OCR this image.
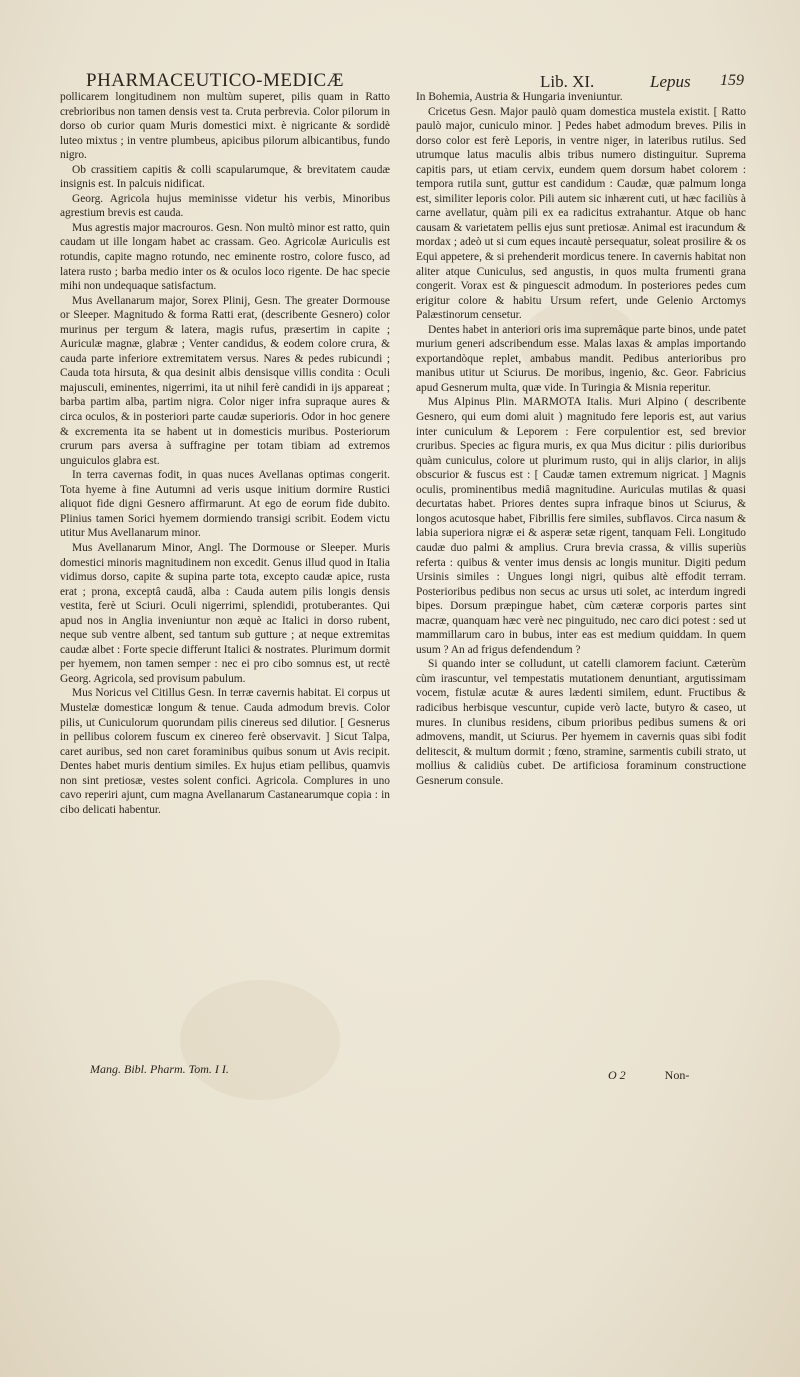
PHARMACEUTICO-MEDICÆ	Lib. XI.	Lepus 159

pollicarem longitudinem non multùm superet, pilis quam in Ratto crebrioribus non tamen densis vest ta. Cruta perbrevia. Color pilorum in dorso ob curior quam Muris domestici mixt. è nigricante & sordidè luteo mixtus ; in ventre plumbeus, apicibus pilorum albicantibus, fundo nigro.

Ob crassitiem capitis & colli scapularumque, & brevitatem caudæ insignis est. In palcuis nidificat.

Georg. Agricola hujus meminisse videtur his verbis, Minoribus agrestium brevis est cauda.

Mus agrestis major macrouros. Gesn. Non multò minor est ratto, quin caudam ut ille longam habet ac crassam. Geo. Agricolæ Auriculis est rotundis, capite magno rotundo, nec eminente rostro, colore fusco, ad latera rusto ; barba medio inter os & oculos loco rigente. De hac specie mihi non undequaque satisfactum.

Mus Avellanarum major, Sorex Plinij, Gesn. The greater Dormouse or Sleeper. Magnitudo & forma Ratti erat, (describente Gesnero) color murinus per tergum & latera, magis rufus, præsertim in capite ; Auriculæ magnæ, glabræ ; Venter candidus, & eodem colore crura, & cauda parte inferiore extremitatem versus. Nares & pedes rubicundi ; Cauda tota hirsuta, & qua desinit albis densisque villis condita : Oculi majusculi, eminentes, nigerrimi, ita ut nihil ferè candidi in ijs appareat ; barba partim alba, partim nigra. Color niger infra supraque aures & circa oculos, & in posteriori parte caudæ superioris. Odor in hoc genere & excrementa ita se habent ut in domesticis muribus. Posteriorum crurum pars aversa à suffragine per totam tibiam ad extremos unguiculos glabra est.

In terra cavernas fodit, in quas nuces Avellanas optimas congerit. Tota hyeme à fine Autumni ad veris usque initium dormire Rustici aliquot fide digni Gesnero affirmarunt. At ego de eorum fide dubito. Plinius tamen Sorici hyemem dormiendo transigi scribit. Eodem victu utitur Mus Avellanarum minor.

Mus Avellanarum Minor, Angl. The Dormouse or Sleeper. Muris domestici minoris magnitudinem non excedit. Genus illud quod in Italia vidimus dorso, capite & supina parte tota, excepto caudæ apice, rusta erat ; prona, exceptâ caudâ, alba : Cauda autem pilis longis densis vestita, ferè ut Sciuri. Oculi nigerrimi, splendidi, protuberantes. Qui apud nos in Anglia inveniuntur non æquè ac Italici in dorso rubent, neque sub ventre albent, sed tantum sub gutture ; at neque extremitas caudæ albet : Forte specie differunt Italici & nostrates. Plurimum dormit per hyemem, non tamen semper : nec ei pro cibo somnus est, ut rectè Georg. Agricola, sed provisum pabulum.

Mus Noricus vel Citillus Gesn. In terræ cavernis habitat. Ei corpus ut Mustelæ domesticæ longum & tenue. Cauda admodum brevis. Color pilis, ut Cuniculorum quorundam pilis cinereus sed dilutior. [ Gesnerus in pellibus colorem fuscum ex cinereo ferè observavit. ] Sicut Talpa, caret auribus, sed non caret foraminibus quibus sonum ut Avis recipit. Dentes habet muris dentium similes. Ex hujus etiam pellibus, quamvis non sint pretiosæ, vestes solent confici. Agricola. Complures in uno cavo reperiri ajunt, cum magna Avellanarum Castanearumque copia : in cibo delicati habentur.

In Bohemia, Austria & Hungaria inveniuntur.

Cricetus Gesn. Major paulò quam domestica mustela existit. [ Ratto paulò major, cuniculo minor. ] Pedes habet admodum breves. Pilis in dorso color est ferè Leporis, in ventre niger, in lateribus rutilus. Sed utrumque latus maculis albis tribus numero distinguitur. Suprema capitis pars, ut etiam cervix, eundem quem dorsum habet colorem : tempora rutila sunt, guttur est candidum : Caudæ, quæ palmum longa est, similiter leporis color. Pili autem sic inhærent cuti, ut hæc faciliùs à carne avellatur, quàm pili ex ea radicitus extrahantur. Atque ob hanc causam & varietatem pellis ejus sunt pretiosæ. Animal est iracundum & mordax ; adeò ut si cum eques incautè persequatur, soleat prosilire & os Equi appetere, & si prehenderit mordicus tenere. In cavernis habitat non aliter atque Cuniculus, sed angustis, in quos multa frumenti grana congerit. Vorax est & pinguescit admodum. In posteriores pedes cum erigitur colore & habitu Ursum refert, unde Gelenio Arctomys Palæstinorum censetur.

Dentes habet in anteriori oris ima supremâque parte binos, unde patet murium generi adscribendum esse. Malas laxas & amplas importando exportandòque replet, ambabus mandit. Pedibus anterioribus pro manibus utitur ut Sciurus. De moribus, ingenio, &c. Geor. Fabricius apud Gesnerum multa, quæ vide. In Turingia & Misnia reperitur.

Mus Alpinus Plin. MARMOTA Italis. Muri Alpino ( describente Gesnero, qui eum domi aluit ) magnitudo fere leporis est, aut varius inter cuniculum & Leporem : Fere corpulentior est, sed brevior cruribus. Species ac figura muris, ex qua Mus dicitur : pilis durioribus quàm cuniculus, colore ut plurimum rusto, qui in alijs clarior, in alijs obscurior & fuscus est : [ Caudæ tamen extremum nigricat. ] Magnis oculis, prominentibus mediâ magnitudine. Auriculas mutilas & quasi decurtatas habet. Priores dentes supra infraque binos ut Sciurus, & longos acutosque habet, Fibrillis fere similes, subflavos. Circa nasum & labia superiora nigræ ei & asperæ setæ rigent, tanquam Feli. Longitudo caudæ duo palmi & amplius. Crura brevia crassa, & villis superiùs referta : quibus & venter imus densis ac longis munitur. Digiti pedum Ursinis similes : Ungues longi nigri, quibus altè effodit terram. Posterioribus pedibus non secus ac ursus uti solet, ac interdum ingredi bipes. Dorsum præpingue habet, cùm cæteræ corporis partes sint macræ, quanquam hæc verè nec pinguitudo, nec caro dici potest : sed ut mammillarum caro in bubus, inter eas est medium quiddam. In quem usum ? An ad frigus defendendum ?

Si quando inter se colludunt, ut catelli clamorem faciunt. Cæterùm cùm irascuntur, vel tempestatis mutationem denuntiant, argutissimam vocem, fistulæ acutæ & aures lædenti similem, edunt. Fructibus & radicibus herbisque vescuntur, cupide verò lacte, butyro & caseo, ut mures. In clunibus residens, cibum prioribus pedibus sumens & ori admovens, mandit, ut Sciurus. Per hyemem in cavernis quas sibi fodit delitescit, & multum dormit ; fœno, stramine, sarmentis cubili strato, ut mollius & calidiùs cubet. De artificiosa foraminum constructione Gesnerum consule.

Mang. Bibl. Pharm. Tom. I I.	O 2	Non-
